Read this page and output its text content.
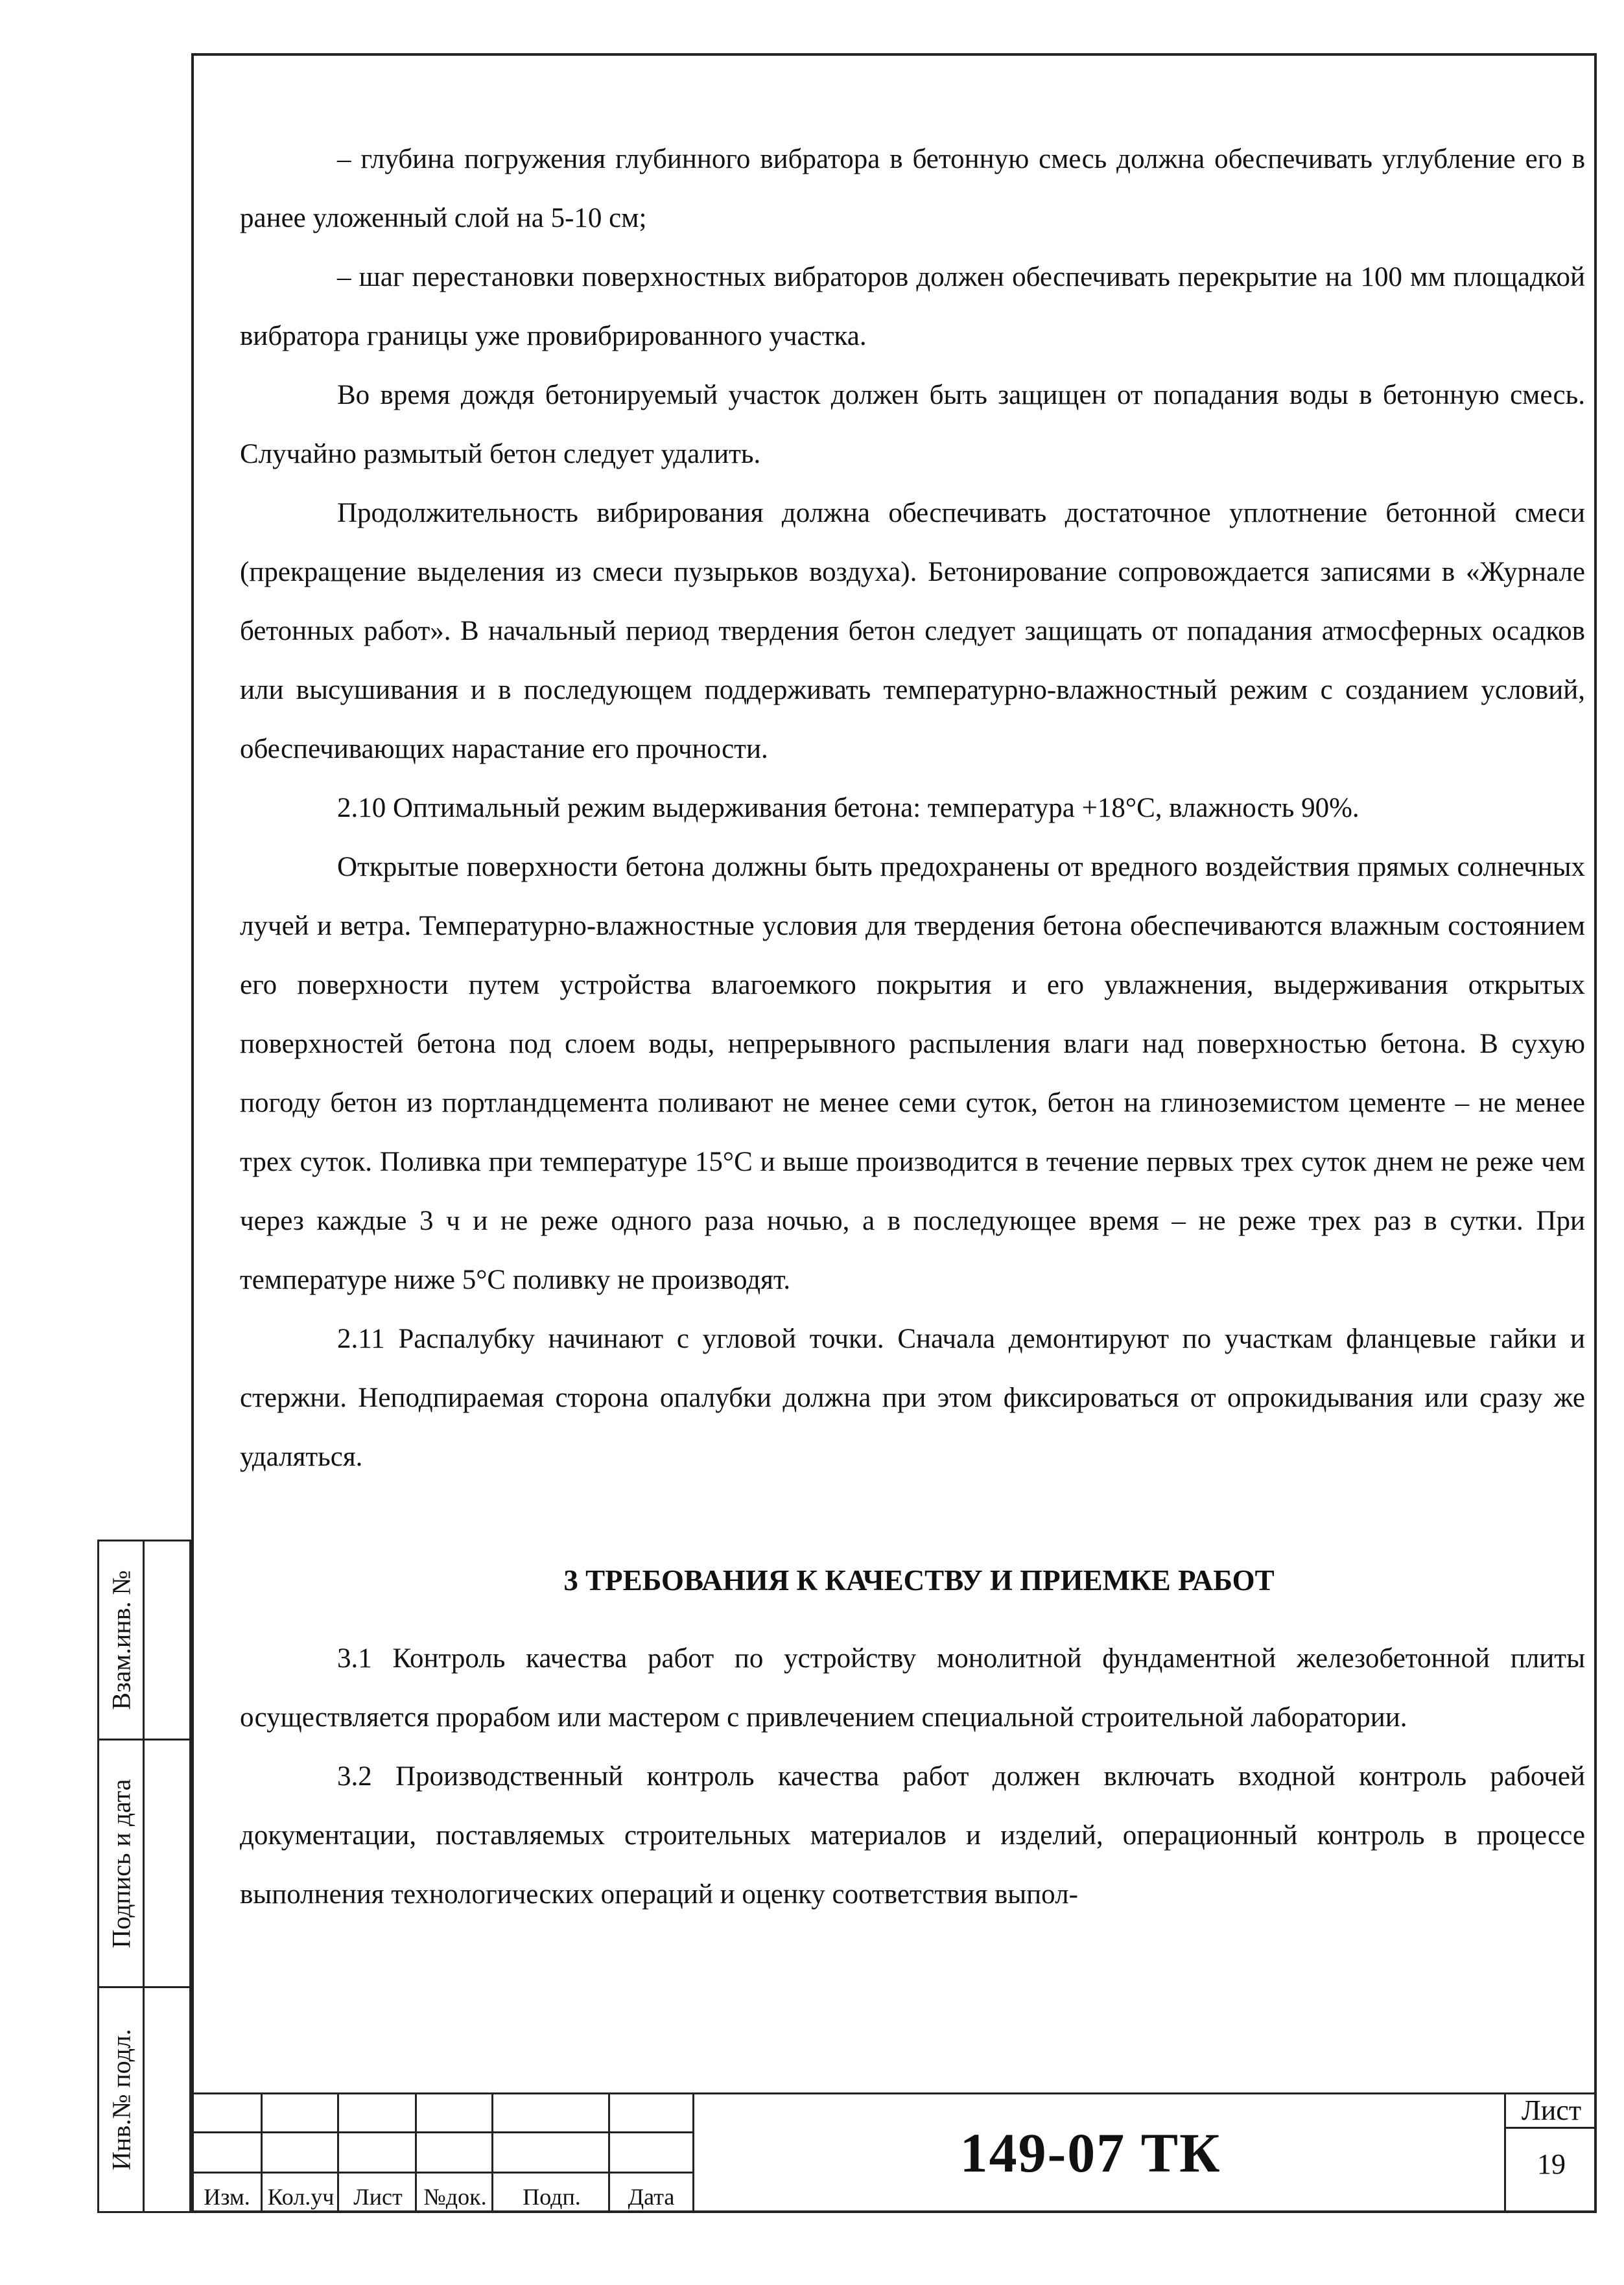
– глубина погружения глубинного вибратора в бетонную смесь должна обеспечивать углубление его в ранее уложенный слой на 5-10 см;

– шаг перестановки поверхностных вибраторов должен обеспечивать перекрытие на 100 мм площадкой вибратора границы уже провибрированного участка.

Во время дождя бетонируемый участок должен быть защищен от попадания воды в бетонную смесь. Случайно размытый бетон следует удалить.

Продолжительность вибрирования должна обеспечивать достаточное уплотнение бетонной смеси (прекращение выделения из смеси пузырьков воздуха). Бетонирование сопровождается записями в «Журнале бетонных работ». В начальный период твердения бетон следует защищать от попадания атмосферных осадков или высушивания и в последующем поддерживать температурно-влажностный режим с созданием условий, обеспечивающих нарастание его прочности.

2.10 Оптимальный режим выдерживания бетона: температура +18°С, влажность 90%.

Открытые поверхности бетона должны быть предохранены от вредного воздействия прямых солнечных лучей и ветра. Температурно-влажностные условия для твердения бетона обеспечиваются влажным состоянием его поверхности путем устройства влагоемкого покрытия и его увлажнения, выдерживания открытых поверхностей бетона под слоем воды, непрерывного распыления влаги над поверхностью бетона. В сухую погоду бетон из портландцемента поливают не менее семи суток, бетон на глиноземистом цементе – не менее трех суток. Поливка при температуре 15°С и выше производится в течение первых трех суток днем не реже чем через каждые 3 ч и не реже одного раза ночью, а в последующее время – не реже трех раз в сутки. При температуре ниже 5°С поливку не производят.

2.11 Распалубку начинают с угловой точки. Сначала демонтируют по участкам фланцевые гайки и стержни. Неподпираемая сторона опалубки должна при этом фиксироваться от опрокидывания или сразу же удаляться.

3 ТРЕБОВАНИЯ К КАЧЕСТВУ И ПРИЕМКЕ РАБОТ

3.1 Контроль качества работ по устройству монолитной фундаментной железобетонной плиты осуществляется прорабом или мастером с привлечением специальной строительной лаборатории.

3.2 Производственный контроль качества работ должен включать входной контроль рабочей документации, поставляемых строительных материалов и изделий, операционный контроль в процессе выполнения технологических операций и оценку соответствия выпол-

Взам.инв. №
Подпись и дата
Инв.№ подл.
Изм. Кол.уч Лист №док.	Подп.	Дата
149-07 ТК
Лист
19
